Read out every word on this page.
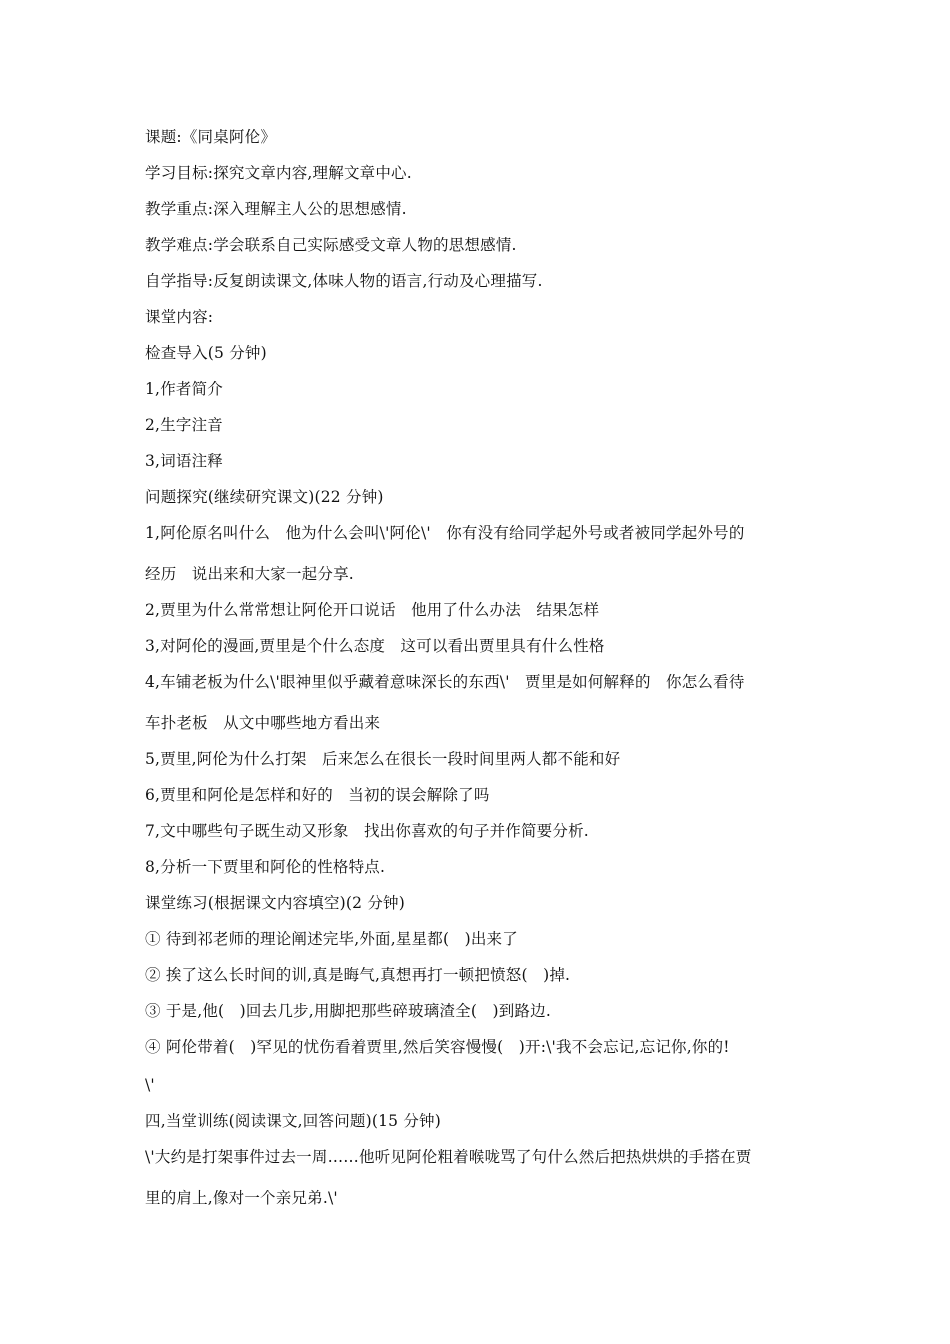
课题:《同桌阿伦》
学习目标:探究文章内容,理解文章中心.
教学重点:深入理解主人公的思想感情.
教学难点:学会联系自己实际感受文章人物的思想感情.
自学指导:反复朗读课文,体味人物的语言,行动及心理描写.
课堂内容:
检查导入(5 分钟)
1,作者简介
2,生字注音
3,词语注释
问题探究(继续研究课文)(22 分钟)
1,阿伦原名叫什么   他为什么会叫\'阿伦\'   你有没有给同学起外号或者被同学起外号的
经历   说出来和大家一起分享.
2,贾里为什么常常想让阿伦开口说话   他用了什么办法   结果怎样
3,对阿伦的漫画,贾里是个什么态度   这可以看出贾里具有什么性格
4,车铺老板为什么\'眼神里似乎藏着意味深长的东西\'   贾里是如何解释的   你怎么看待
车扑老板   从文中哪些地方看出来
5,贾里,阿伦为什么打架   后来怎么在很长一段时间里两人都不能和好
6,贾里和阿伦是怎样和好的   当初的误会解除了吗
7,文中哪些句子既生动又形象   找出你喜欢的句子并作简要分析.
8,分析一下贾里和阿伦的性格特点.
课堂练习(根据课文内容填空)(2 分钟)
① 待到祁老师的理论阐述完毕,外面,星星都(   )出来了
② 挨了这么长时间的训,真是晦气,真想再打一顿把愤怒(   )掉.
③ 于是,他(   )回去几步,用脚把那些碎玻璃渣全(   )到路边.
④ 阿伦带着(   )罕见的忧伤看着贾里,然后笑容慢慢(   )开:\'我不会忘记,忘记你,你的!
\'
四,当堂训练(阅读课文,回答问题)(15 分钟)
\'大约是打架事件过去一周……他听见阿伦粗着喉咙骂了句什么然后把热烘烘的手搭在贾
里的肩上,像对一个亲兄弟.\'
